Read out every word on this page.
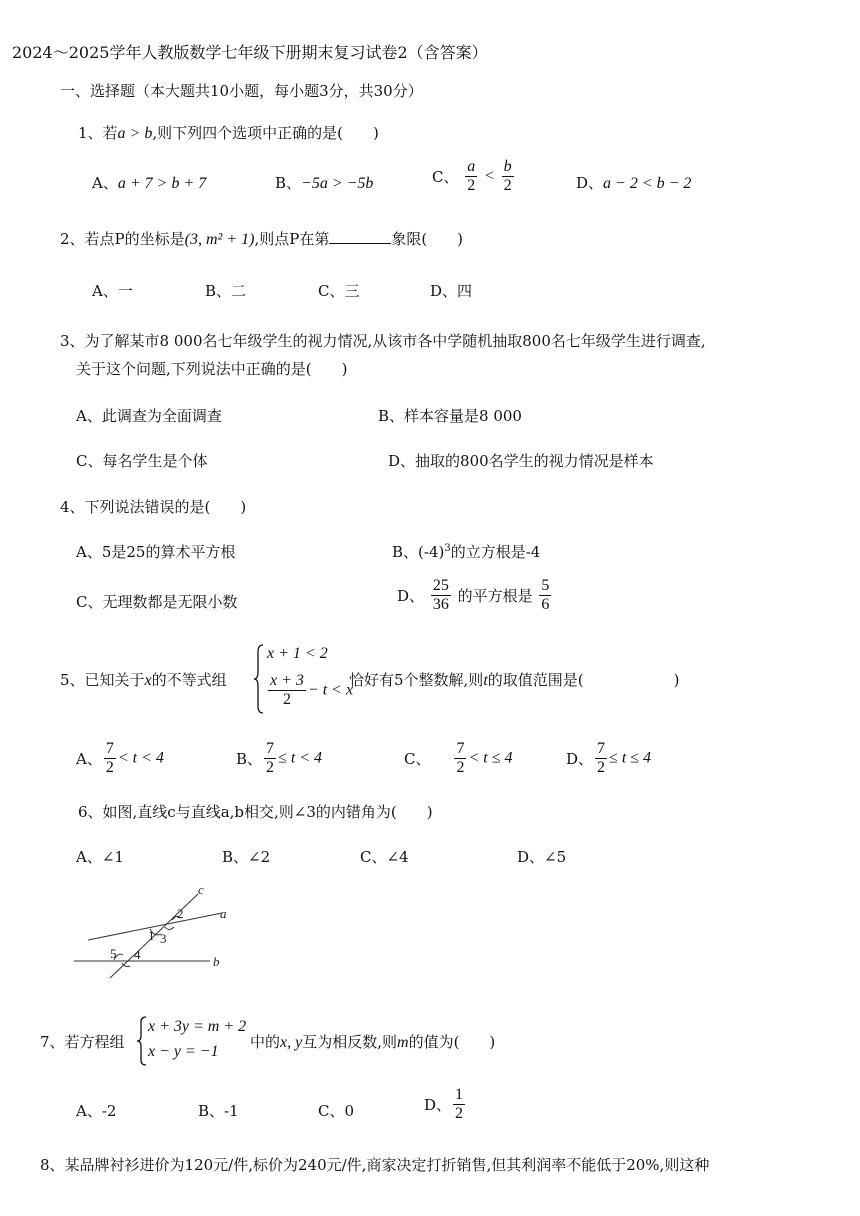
2024～2025学年人教版数学七年级下册期末复习试卷2（含答案）
一、选择题（本大题共10小题，每小题3分，共30分）
1、若a > b,则下列四个选项中正确的是(　　)
A、a + 7 > b + 7	B、−5a > −5b	C、 $\frac{a}{2} < \frac{b}{2}$	D、a − 2 < b − 2
2、若点P的坐标是(3, m² + 1),则点P在第	象限(　　)
A、一	B、二	C、三	D、四
3、为了解某市8 000名七年级学生的视力情况,从该市各中学随机抽取800名七年级学生进行调查,
关于这个问题,下列说法中正确的是(　　)
A、此调查为全面调查	B、样本容量是8 000
C、每名学生是个体	D、抽取的800名学生的视力情况是样本
4、下列说法错误的是(　　)
A、5是25的算术平方根	B、$(-4)^3$的立方根是-4
C、无理数都是无限小数	D、 $\frac{25}{36}$ 的平方根是 $\frac{5}{6}$
5、已知关于x的不等式组
x + 1 < 2
$\frac{x + 3}{2} - t < x$
恰好有5个整数解,则t的取值范围是(　　　　　　)
A、 $\frac{7}{2} < t < 4$	B、 $\frac{7}{2} \le t < 4$	C、 $\frac{7}{2} < t \le 4$	D、 $\frac{7}{2} \le t \le 4$
6、如图,直线c与直线a,b相交,则∠3的内错角为(　　)
A、∠1	B、∠2	C、∠4	D、∠5
c
a
b
2
1 3
5 4
7、若方程组
x + 3y = m + 2
x − y = −1
中的x, y互为相反数,则m的值为(　　)
A、-2	B、-1	C、0	D、 $\frac{1}{2}$
8、某品牌衬衫进价为120元/件,标价为240元/件,商家决定打折销售,但其利润率不能低于20%,则这种
